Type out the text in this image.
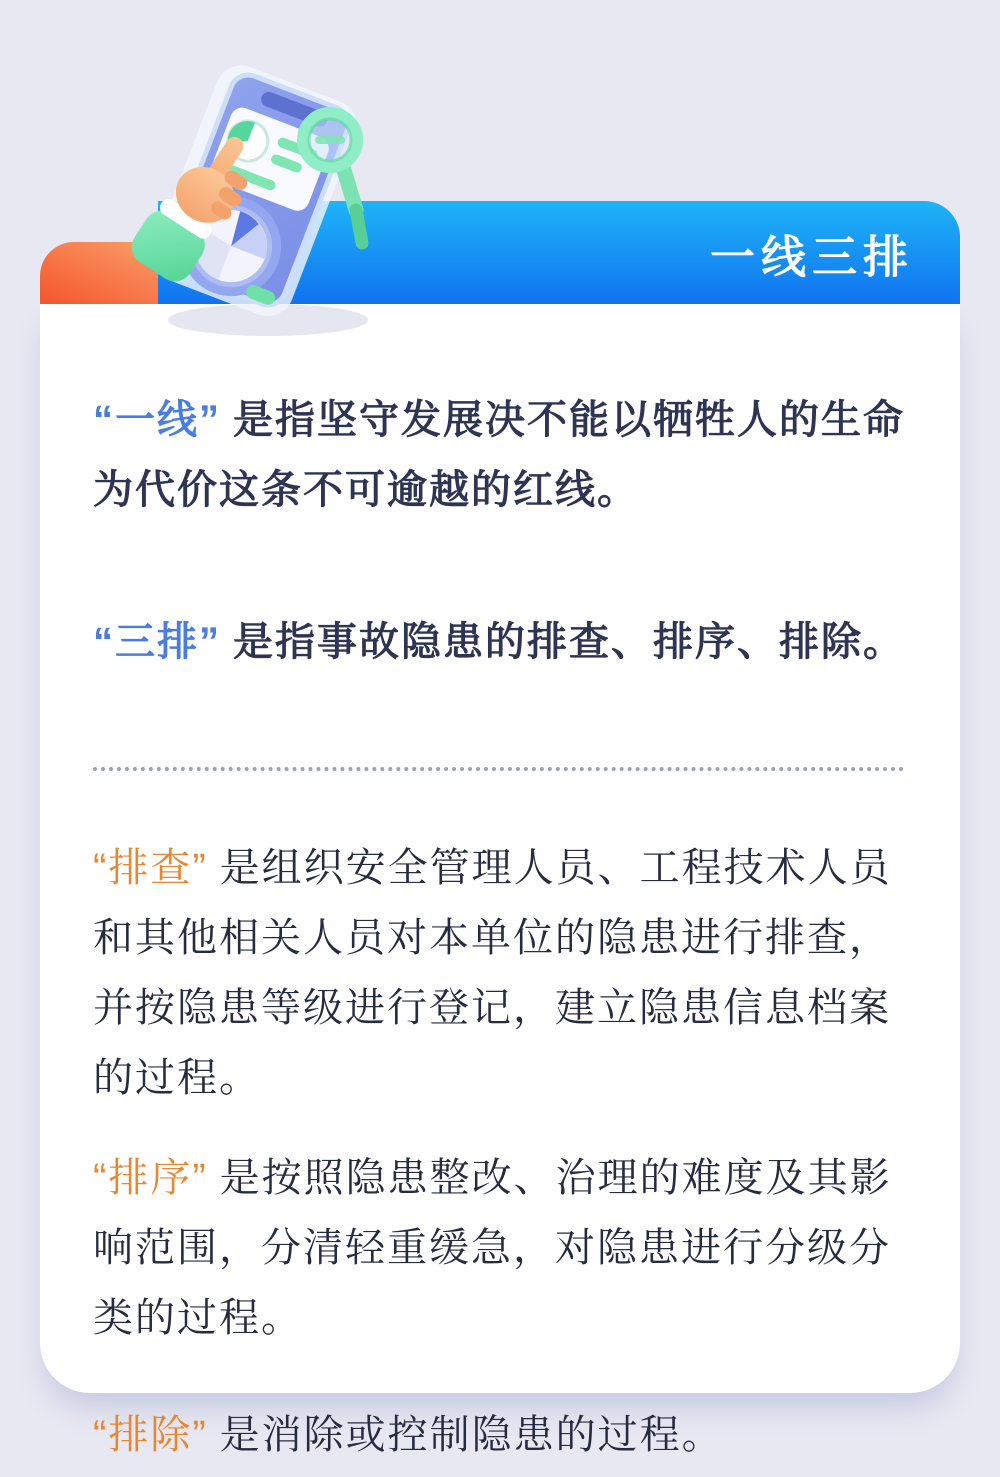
一线三排

“一线” 是指坚守发展决不能以牺牲人的生命为代价这条不可逾越的红线。

“三排” 是指事故隐患的排查、排序、排除。

“排查” 是组织安全管理人员、工程技术人员和其他相关人员对本单位的隐患进行排查，并按隐患等级进行登记，建立隐患信息档案的过程。

“排序” 是按照隐患整改、治理的难度及其影响范围，分清轻重缓急，对隐患进行分级分类的过程。

“排除” 是消除或控制隐患的过程。
